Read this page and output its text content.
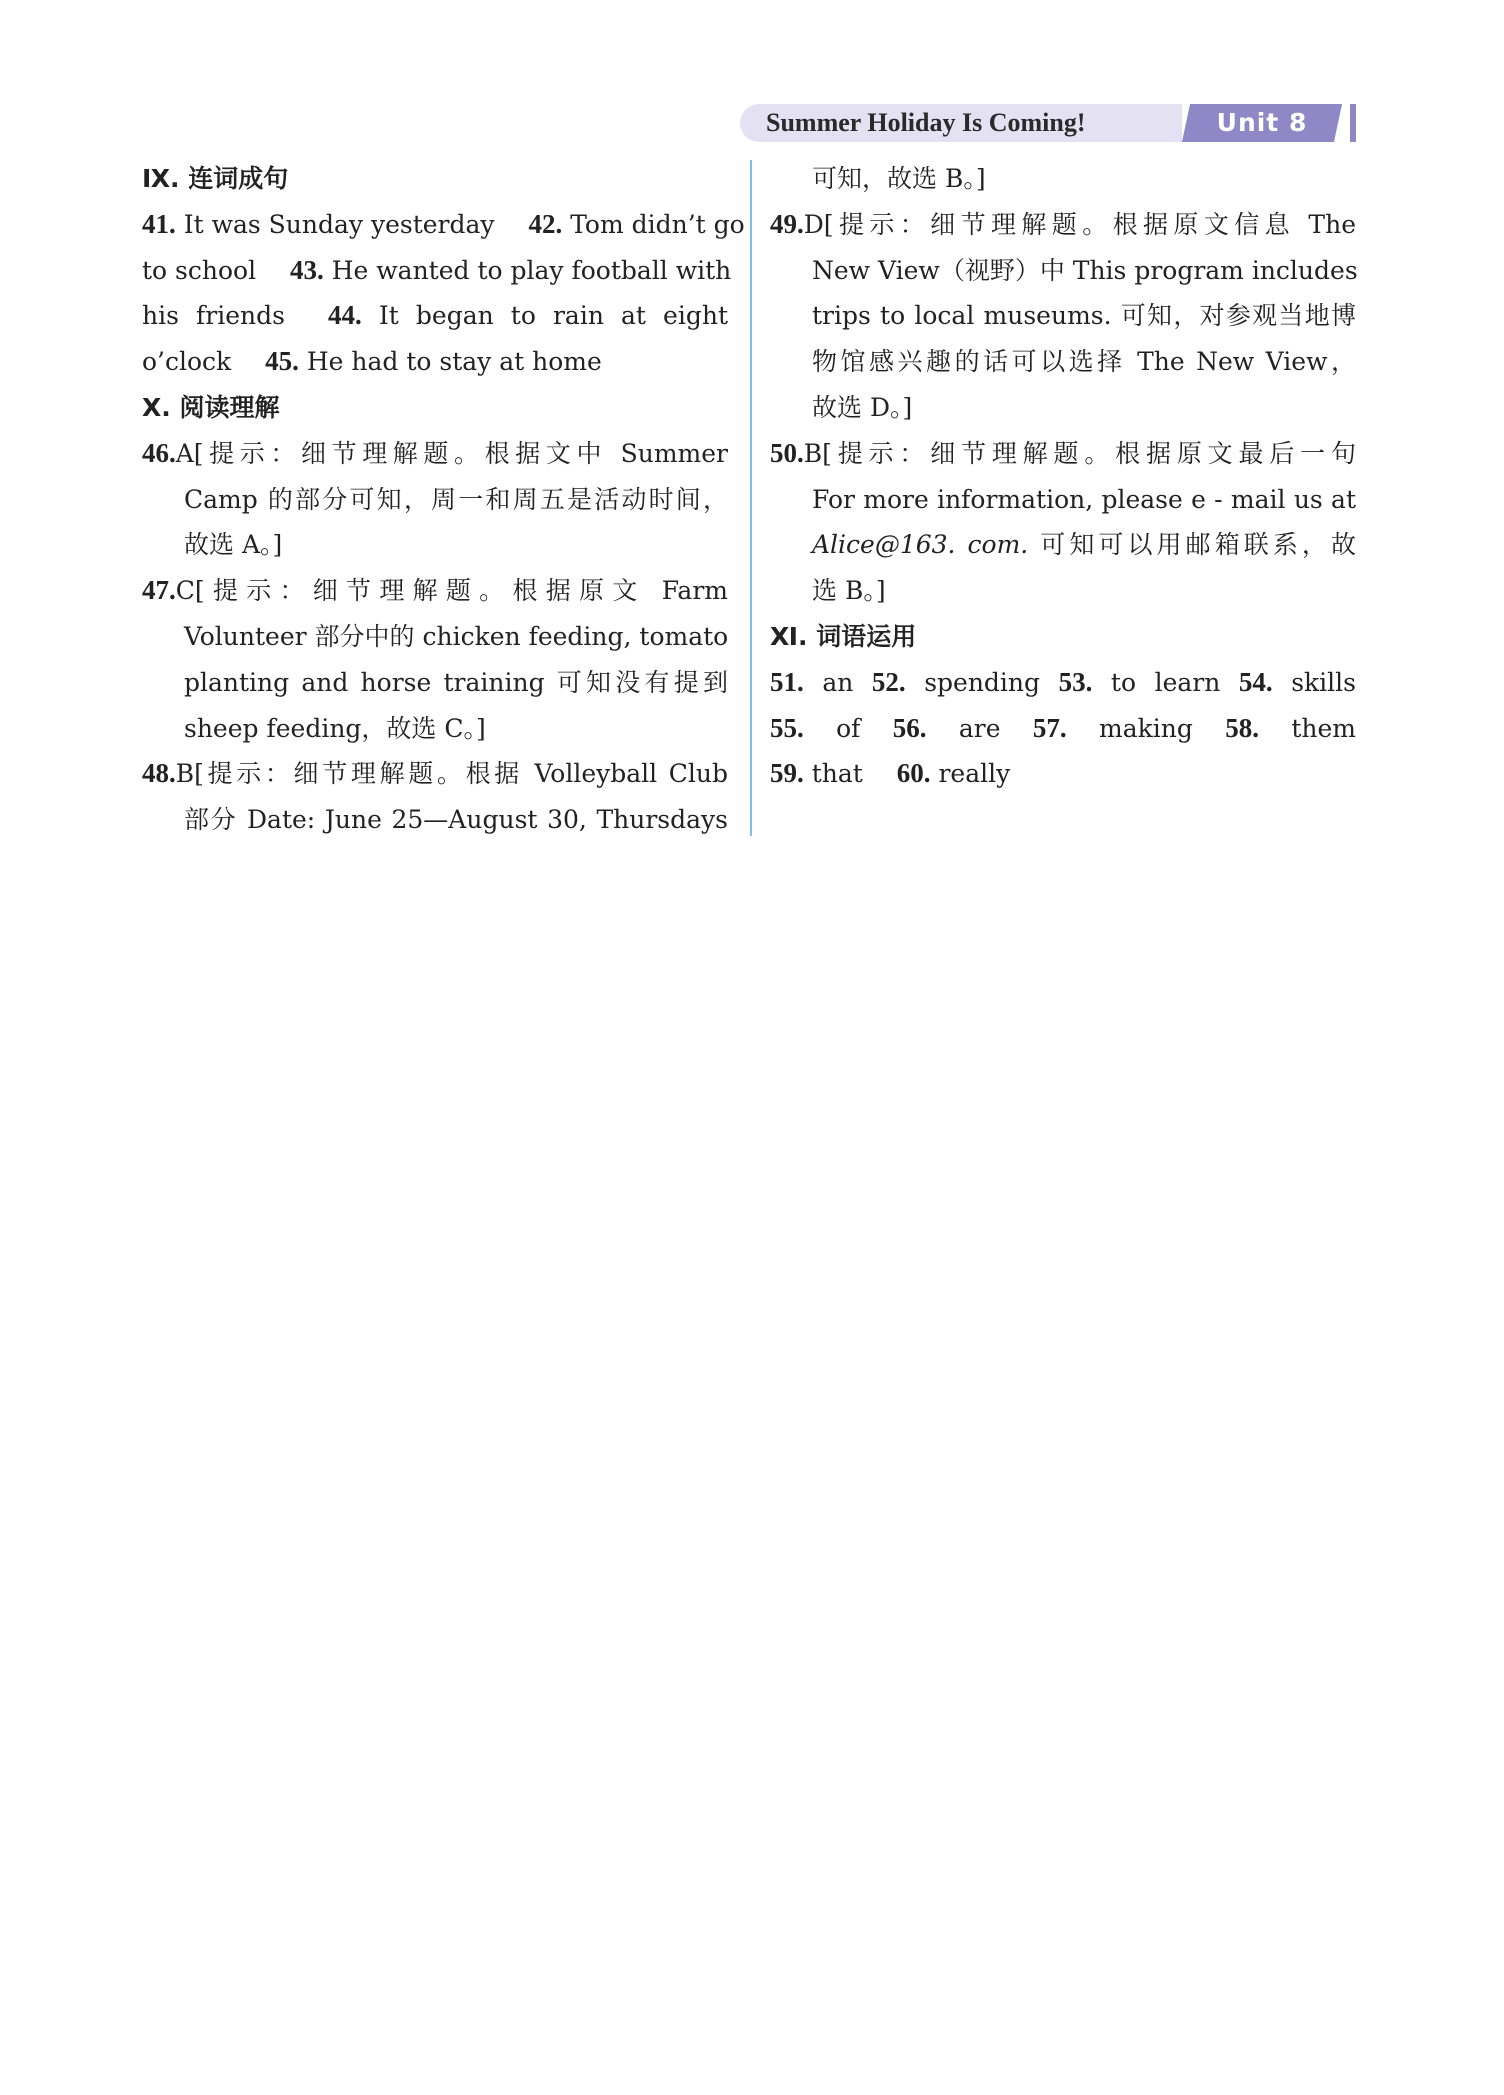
Summer Holiday Is Coming!	Unit 8
Ⅸ. 连词成句
41. It was Sunday yesterday 42. Tom didn’t go
to school 43. He wanted to play football with
his friends 44. It began to rain at eight
o’clock 45. He had to stay at home
Ⅹ. 阅读理解
46.A[提示：细节理解题。根据文中 Summer
Camp 的部分可知，周一和周五是活动时间，
故选 A。]
47.C[提示：细节理解题。根据原文 Farm
Volunteer 部分中的 chicken feeding, tomato
planting and horse training 可知没有提到
sheep feeding，故选 C。]
48.B[提示：细节理解题。根据 Volleyball Club
部分 Date: June 25—August 30, Thursdays
可知，故选 B。]
49.D[提示：细节理解题。根据原文信息 The
New View（视野）中 This program includes
trips to local museums. 可知，对参观当地博
物馆感兴趣的话可以选择 The New View，
故选 D。]
50.B[提示：细节理解题。根据原文最后一句
For more information, please e - mail us at
Alice@163. com. 可知可以用邮箱联系，故
选 B。]
Ⅺ. 词语运用
51. an 52. spending 53. to learn 54. skills
55. of 56. are 57. making 58. them
59. that 60. really
